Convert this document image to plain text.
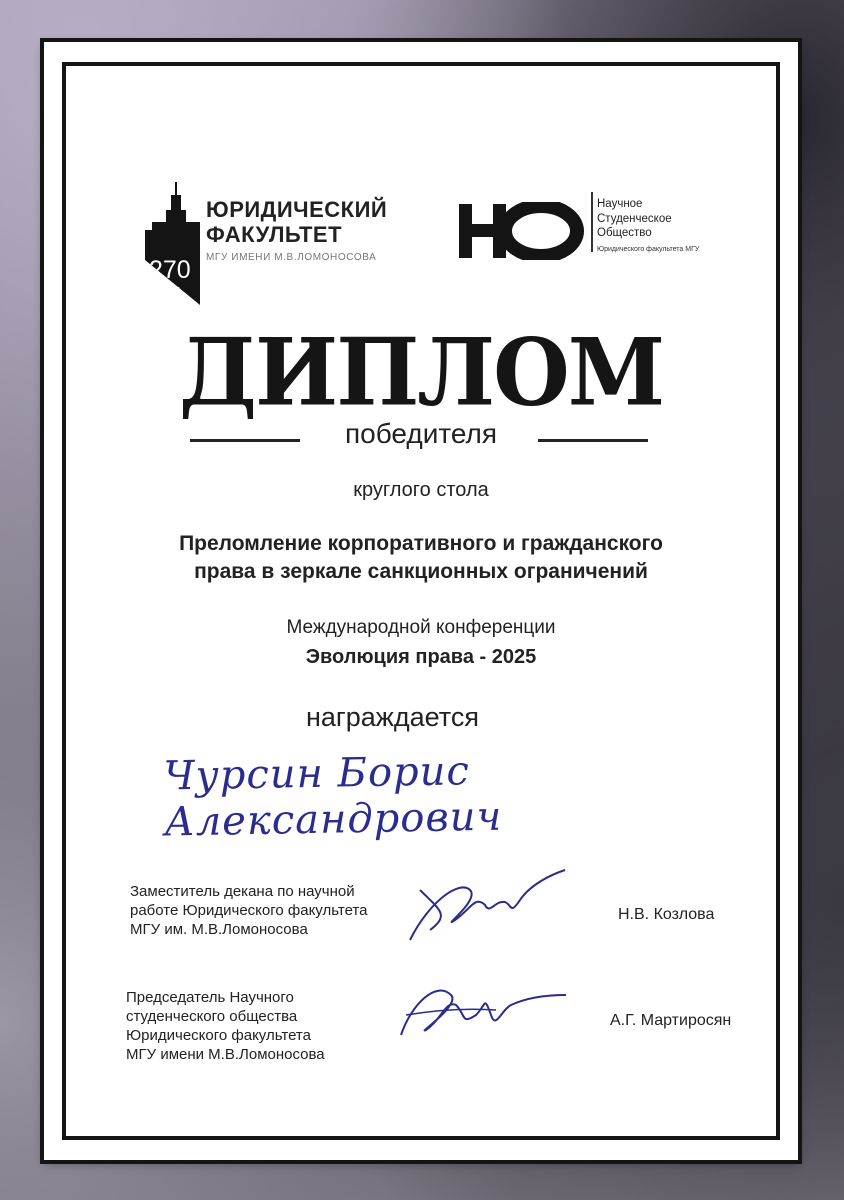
270
ЛЕТ
ЮРИДИЧЕСКИЙ
ФАКУЛЬТЕТ
МГУ ИМЕНИ М.В.ЛОМОНОСОВА
НО	Научное
Студенческое
Общество
Юридического факультета МГУ
ДИПЛОМ
победителя
круглого стола
Преломление корпоративного и гражданского
права в зеркале санкционных ограничений
Международной конференции
Эволюция права - 2025
награждается
Чурсин Борис Александрович
Заместитель декана по научной
работе Юридического факультета
МГУ им. М.В.Ломоносова
Н.В. Козлова
Председатель Научного
студенческого общества
Юридического факультета
МГУ имени М.В.Ломоносова
А.Г. Мартиросян
